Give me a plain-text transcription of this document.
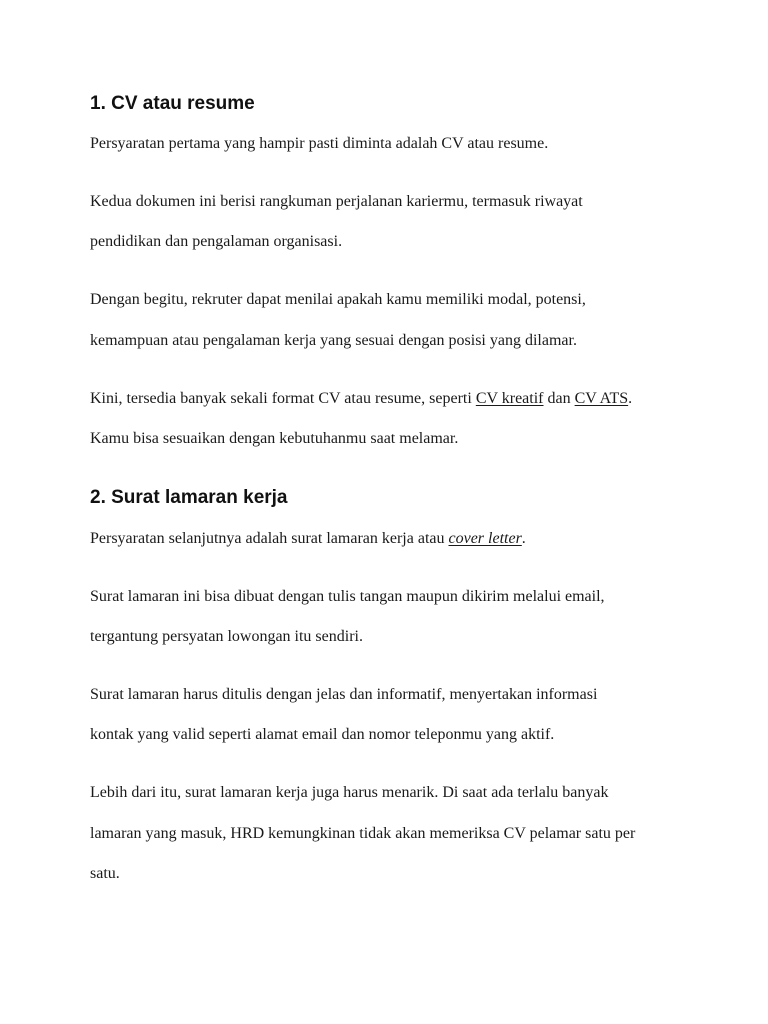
1. CV atau resume

Persyaratan pertama yang hampir pasti diminta adalah CV atau resume.

Kedua dokumen ini berisi rangkuman perjalanan kariermu, termasuk riwayat

pendidikan dan pengalaman organisasi.

Dengan begitu, rekruter dapat menilai apakah kamu memiliki modal, potensi,

kemampuan atau pengalaman kerja yang sesuai dengan posisi yang dilamar.

Kini, tersedia banyak sekali format CV atau resume, seperti CV kreatif dan CV ATS.

Kamu bisa sesuaikan dengan kebutuhanmu saat melamar.

2. Surat lamaran kerja

Persyaratan selanjutnya adalah surat lamaran kerja atau cover letter.

Surat lamaran ini bisa dibuat dengan tulis tangan maupun dikirim melalui email,

tergantung persyatan lowongan itu sendiri.

Surat lamaran harus ditulis dengan jelas dan informatif, menyertakan informasi

kontak yang valid seperti alamat email dan nomor teleponmu yang aktif.

Lebih dari itu, surat lamaran kerja juga harus menarik. Di saat ada terlalu banyak

lamaran yang masuk, HRD kemungkinan tidak akan memeriksa CV pelamar satu per

satu.
